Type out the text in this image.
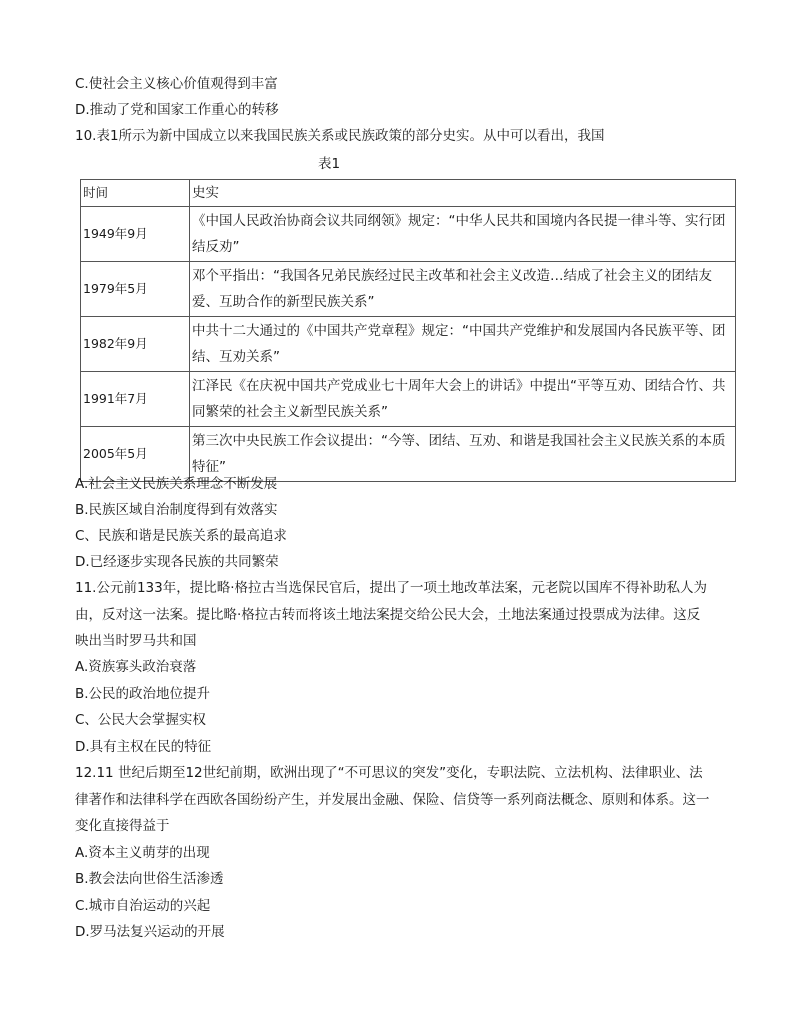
C.使社会主义核心价值观得到丰富
D.推动了党和国家工作重心的转移
10.表1所示为新中国成立以来我国民族关系或民族政策的部分史实。从中可以看出，我国
表1
时间	史实
1949年9月	《中国人民政治协商会议共同纲领》规定：“中华人民共和国境内各民提一律斗等、实行团结反劝”
1979年5月	邓个平指出：“我国各兄弟民族经过民主改革和社会主义改造…结成了社会主义的团结友爱、互助合作的新型民族关系”
1982年9月	中共十二大通过的《中国共产党章程》规定：“中国共产党维护和发展国内各民族平等、团结、互劝关系”
1991年7月	江泽民《在庆祝中国共产党成业七十周年大会上的讲话》中提出“平等互劝、团结合竹、共同繁荣的社会主义新型民族关系”
2005年5月	第三次中央民族工作会议提出：“今等、团结、互劝、和谐是我国社会主义民族关系的本质特征”
A.社会主义民族关系理念不断发展
B.民族区域自治制度得到有效落实
C、民族和谐是民族关系的最高追求
D.已经逐步实现各民族的共同繁荣
11.公元前133年，提比略·格拉古当选保民官后，提出了一项土地改革法案，元老院以国库不得补助私人为
由，反对这一法案。提比略·格拉古转而将该土地法案提交给公民大会，土地法案通过投票成为法律。这反
映出当时罗马共和国
A.资族寡头政治衰落
B.公民的政治地位提升
C、公民大会掌握实权
D.具有主权在民的特征
12.11 世纪后期至12世纪前期，欧洲出现了“不可思议的突发”变化，专职法院、立法机构、法律职业、法
律著作和法律科学在西欧各国纷纷产生，并发展出金融、保险、信贷等一系列商法概念、原则和体系。这一
变化直接得益于
A.资本主义萌芽的出现
B.教会法向世俗生活渗透
C.城市自治运动的兴起
D.罗马法复兴运动的开展
